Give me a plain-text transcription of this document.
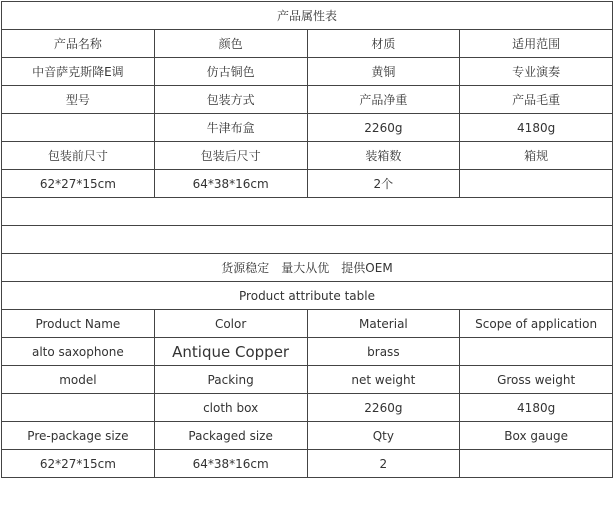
产品属性表			
产品名称	颜色	材质	适用范围
中音萨克斯降E调	仿古铜色	黄铜	专业演奏
型号	包装方式	产品净重	产品毛重
	牛津布盒	2260g	4180g
包装前尺寸	包装后尺寸	装箱数	箱规
62*27*15cm	64*38*16cm	2个	

货源稳定　量大从优　提供OEM			
Product attribute table			
Product Name	Color	Material	Scope of application
alto saxophone	Antique Copper	brass	
model	Packing	net weight	Gross weight
	cloth box	2260g	4180g
Pre-package size	Packaged size	Qty	Box gauge
62*27*15cm	64*38*16cm	2	
